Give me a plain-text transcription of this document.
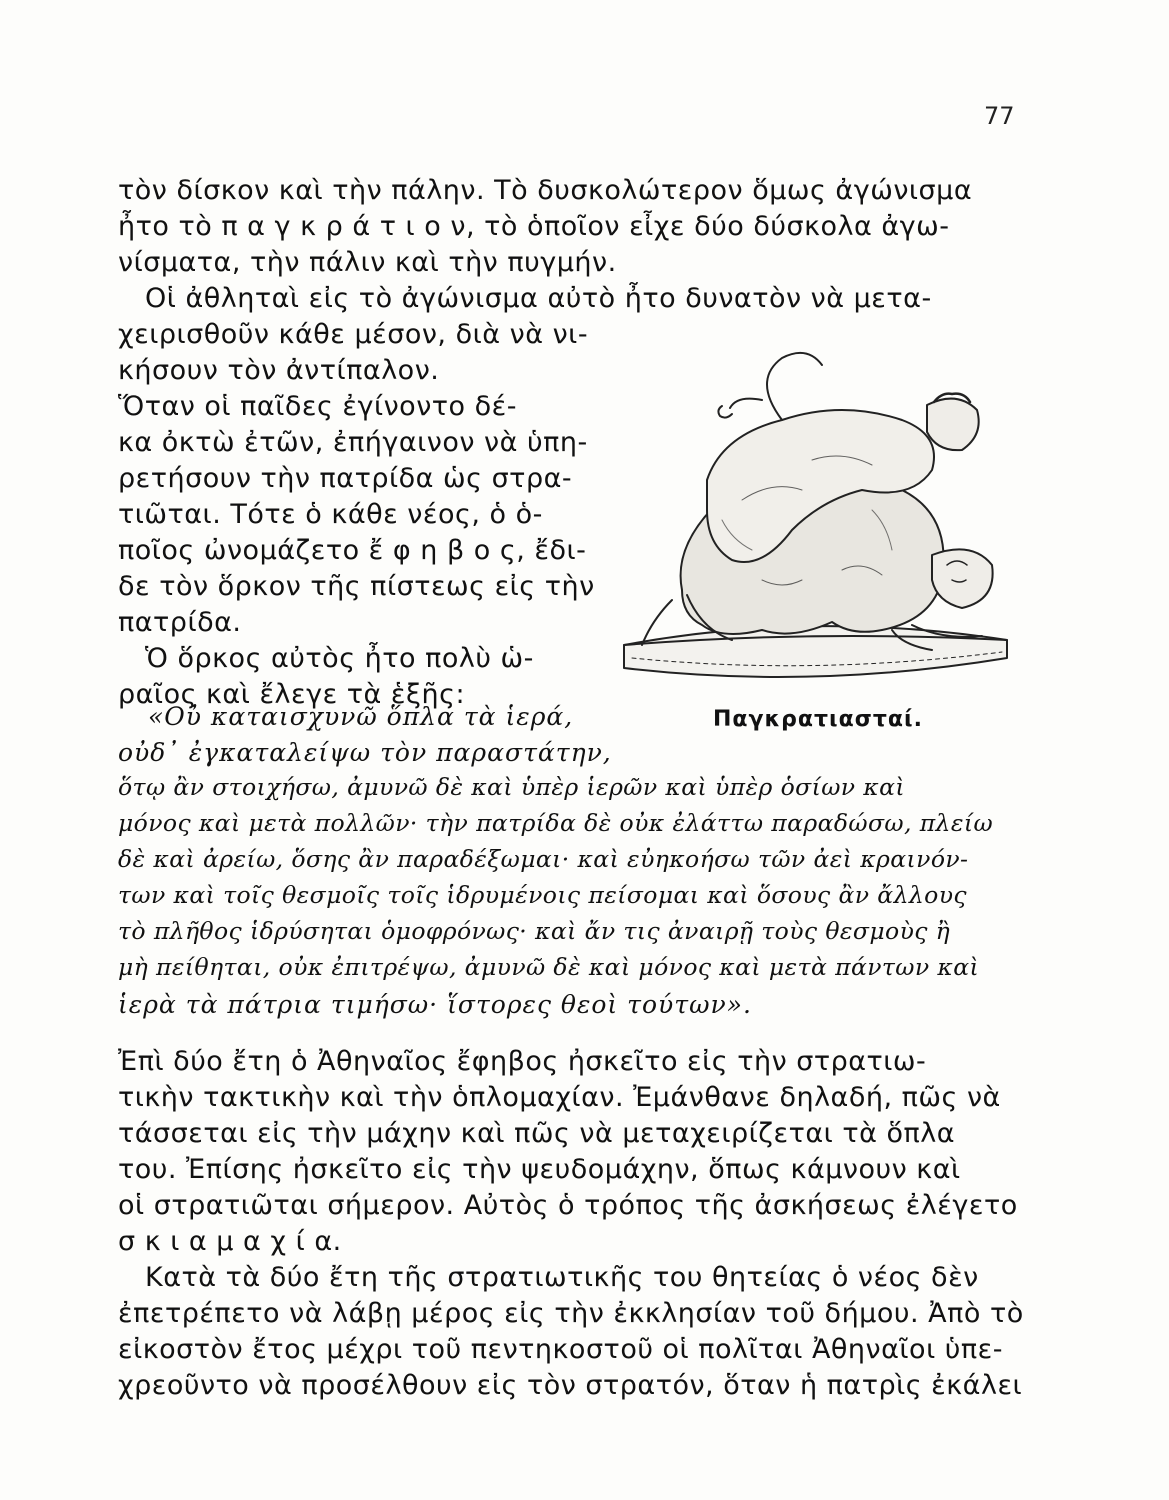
77
τὸν δίσκον καὶ τὴν πάλην. Τὸ δυσκολώτερον ὅμως ἀγώνισμα
ἦτο τὸ π α γ κ ρ ά τ ι ο ν, τὸ ὁποῖον εἶχε δύο δύσκολα ἀγω-
νίσματα, τὴν πάλιν καὶ τὴν πυγμήν.
Οἱ ἀθληταὶ εἰς τὸ ἀγώνισμα αὐτὸ ἦτο δυνατὸν νὰ μετα-
χειρισθοῦν κάθε μέσον, διὰ νὰ νι-
κήσουν τὸν ἀντίπαλον.
Ὅταν οἱ παῖδες ἐγίνοντο δέ-
κα ὀκτὼ ἐτῶν, ἐπήγαινον νὰ ὑπη-
ρετήσουν τὴν πατρίδα ὡς στρα-
τιῶται. Τότε ὁ κάθε νέος, ὁ ὁ-
ποῖος ὠνομάζετο ἔ φ η β ο ς, ἔδι-
δε τὸν ὅρκον τῆς πίστεως εἰς τὴν
πατρίδα.
Ὁ ὅρκος αὐτὸς ἦτο πολὺ ὡ-
ραῖος καὶ ἔλεγε τὰ ἑξῆς:
Παγκρατιασταί.
«Οὐ καταισχυνῶ ὅπλα τὰ ἱερά,
οὐδ᾽ ἐγκαταλείψω τὸν παραστάτην,
ὅτῳ ἂν στοιχήσω, ἀμυνῶ δὲ καὶ ὑπὲρ ἱερῶν καὶ ὑπὲρ ὁσίων καὶ
μόνος καὶ μετὰ πολλῶν· τὴν πατρίδα δὲ οὐκ ἐλάττω παραδώσω, πλείω
δὲ καὶ ἀρείω, ὅσης ἂν παραδέξωμαι· καὶ εὐηκοήσω τῶν ἀεὶ κραινόν-
των καὶ τοῖς θεσμοῖς τοῖς ἱδρυμένοις πείσομαι καὶ ὅσους ἂν ἄλλους
τὸ πλῆθος ἱδρύσηται ὁμοφρόνως· καὶ ἄν τις ἀναιρῇ τοὺς θεσμοὺς ἢ
μὴ πείθηται, οὐκ ἐπιτρέψω, ἀμυνῶ δὲ καὶ μόνος καὶ μετὰ πάντων καὶ
ἱερὰ τὰ πάτρια τιμήσω· ἵστορες θεοὶ τούτων».
Ἐπὶ δύο ἔτη ὁ Ἀθηναῖος ἔφηβος ἠσκεῖτο εἰς τὴν στρατιω-
τικὴν τακτικὴν καὶ τὴν ὁπλομαχίαν. Ἐμάνθανε δηλαδή, πῶς νὰ
τάσσεται εἰς τὴν μάχην καὶ πῶς νὰ μεταχειρίζεται τὰ ὅπλα
του. Ἐπίσης ἠσκεῖτο εἰς τὴν ψευδομάχην, ὅπως κάμνουν καὶ
οἱ στρατιῶται σήμερον. Αὐτὸς ὁ τρόπος τῆς ἀσκήσεως ἐλέγετο
σ κ ι α μ α χ ί α.
Κατὰ τὰ δύο ἔτη τῆς στρατιωτικῆς του θητείας ὁ νέος δὲν
ἐπετρέπετο νὰ λάβῃ μέρος εἰς τὴν ἐκκλησίαν τοῦ δήμου. Ἀπὸ τὸ
εἰκοστὸν ἔτος μέχρι τοῦ πεντηκοστοῦ οἱ πολῖται Ἀθηναῖοι ὑπε-
χρεοῦντο νὰ προσέλθουν εἰς τὸν στρατόν, ὅταν ἡ πατρὶς ἐκάλει
